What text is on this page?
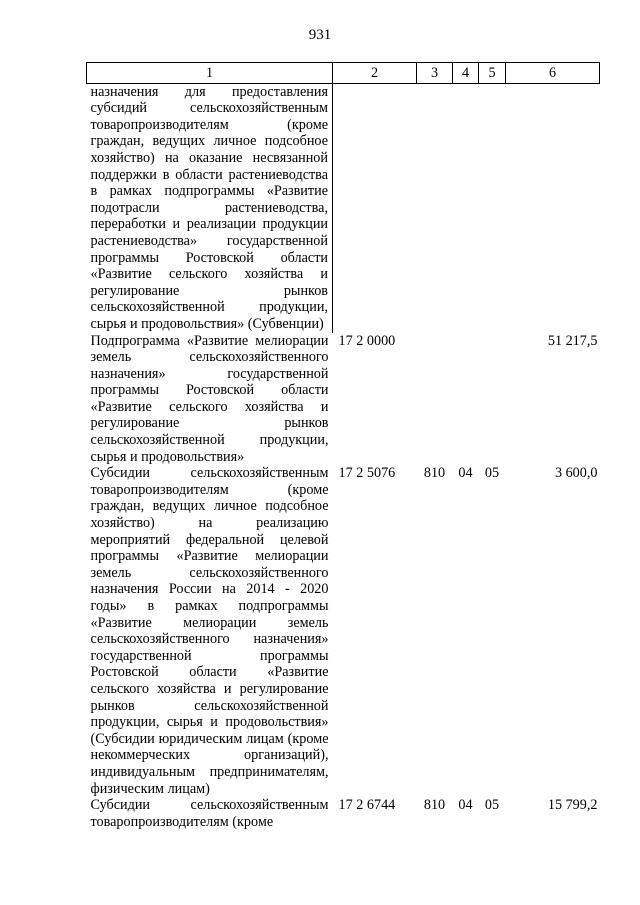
931
1	2	3	4	5	6
назначения для предоставления субсидий сельскохозяйственным товаропроизводителям (кроме граждан, ведущих личное подсобное хозяйство) на оказание несвязанной поддержки в области растениеводства в рамках подпрограммы «Развитие подотрасли растениеводства, переработки и реализации продукции растениеводства» государственной программы Ростовской области «Развитие сельского хозяйства и регулирование рынков сельскохозяйственной продукции, сырья и продовольствия» (Субвенции)					
Подпрограмма «Развитие мелиорации земель сельскохозяйственного назначения» государственной программы Ростовской области «Развитие сельского хозяйства и регулирование рынков сельскохозяйственной продукции, сырья и продовольствия»	17 2 0000				51 217,5
Субсидии сельскохозяйственным товаропроизводителям (кроме граждан, ведущих личное подсобное хозяйство) на реализацию мероприятий федеральной целевой программы «Развитие мелиорации земель сельскохозяйственного назначения России на 2014 - 2020 годы» в рамках подпрограммы «Развитие мелиорации земель сельскохозяйственного назначения» государственной программы Ростовской области «Развитие сельского хозяйства и регулирование рынков сельскохозяйственной продукции, сырья и продовольствия» (Субсидии юридическим лицам (кроме некоммерческих организаций), индивидуальным предпринимателям, физическим лицам)	17 2 5076	810	04	05	3 600,0
Субсидии сельскохозяйственным товаропроизводителям (кроме	17 2 6744	810	04	05	15 799,2
